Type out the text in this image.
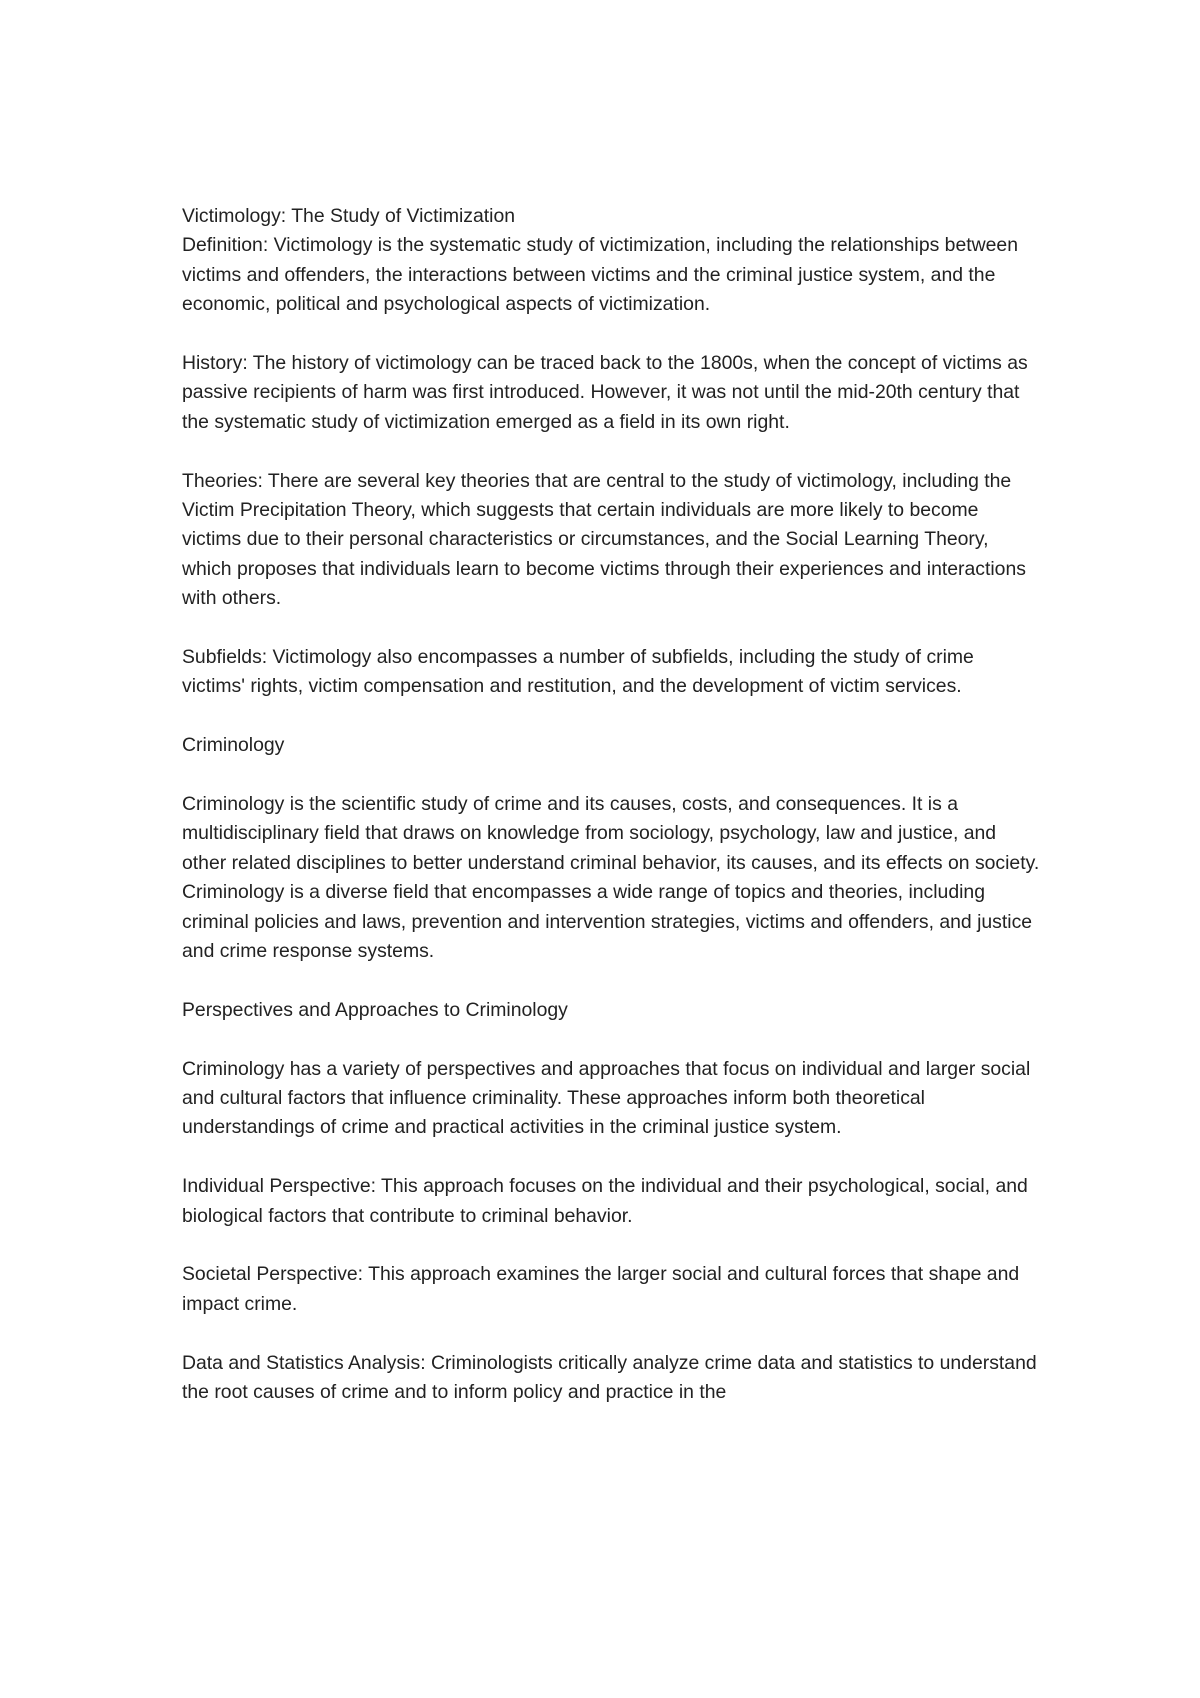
Victimology: The Study of Victimization

Definition: Victimology is the systematic study of victimization, including the relationships between victims and offenders, the interactions between victims and the criminal justice system, and the economic, political and psychological aspects of victimization.

History: The history of victimology can be traced back to the 1800s, when the concept of victims as passive recipients of harm was first introduced. However, it was not until the mid-20th century that the systematic study of victimization emerged as a field in its own right.

Theories: There are several key theories that are central to the study of victimology, including the Victim Precipitation Theory, which suggests that certain individuals are more likely to become victims due to their personal characteristics or circumstances, and the Social Learning Theory, which proposes that individuals learn to become victims through their experiences and interactions with others.

Subfields: Victimology also encompasses a number of subfields, including the study of crime victims' rights, victim compensation and restitution, and the development of victim services.

Criminology

Criminology is the scientific study of crime and its causes, costs, and consequences. It is a multidisciplinary field that draws on knowledge from sociology, psychology, law and justice, and other related disciplines to better understand criminal behavior, its causes, and its effects on society. Criminology is a diverse field that encompasses a wide range of topics and theories, including criminal policies and laws, prevention and intervention strategies, victims and offenders, and justice and crime response systems.

Perspectives and Approaches to Criminology

Criminology has a variety of perspectives and approaches that focus on individual and larger social and cultural factors that influence criminality. These approaches inform both theoretical understandings of crime and practical activities in the criminal justice system.

Individual Perspective: This approach focuses on the individual and their psychological, social, and biological factors that contribute to criminal behavior.

Societal Perspective: This approach examines the larger social and cultural forces that shape and impact crime.

Data and Statistics Analysis: Criminologists critically analyze crime data and statistics to understand the root causes of crime and to inform policy and practice in the
